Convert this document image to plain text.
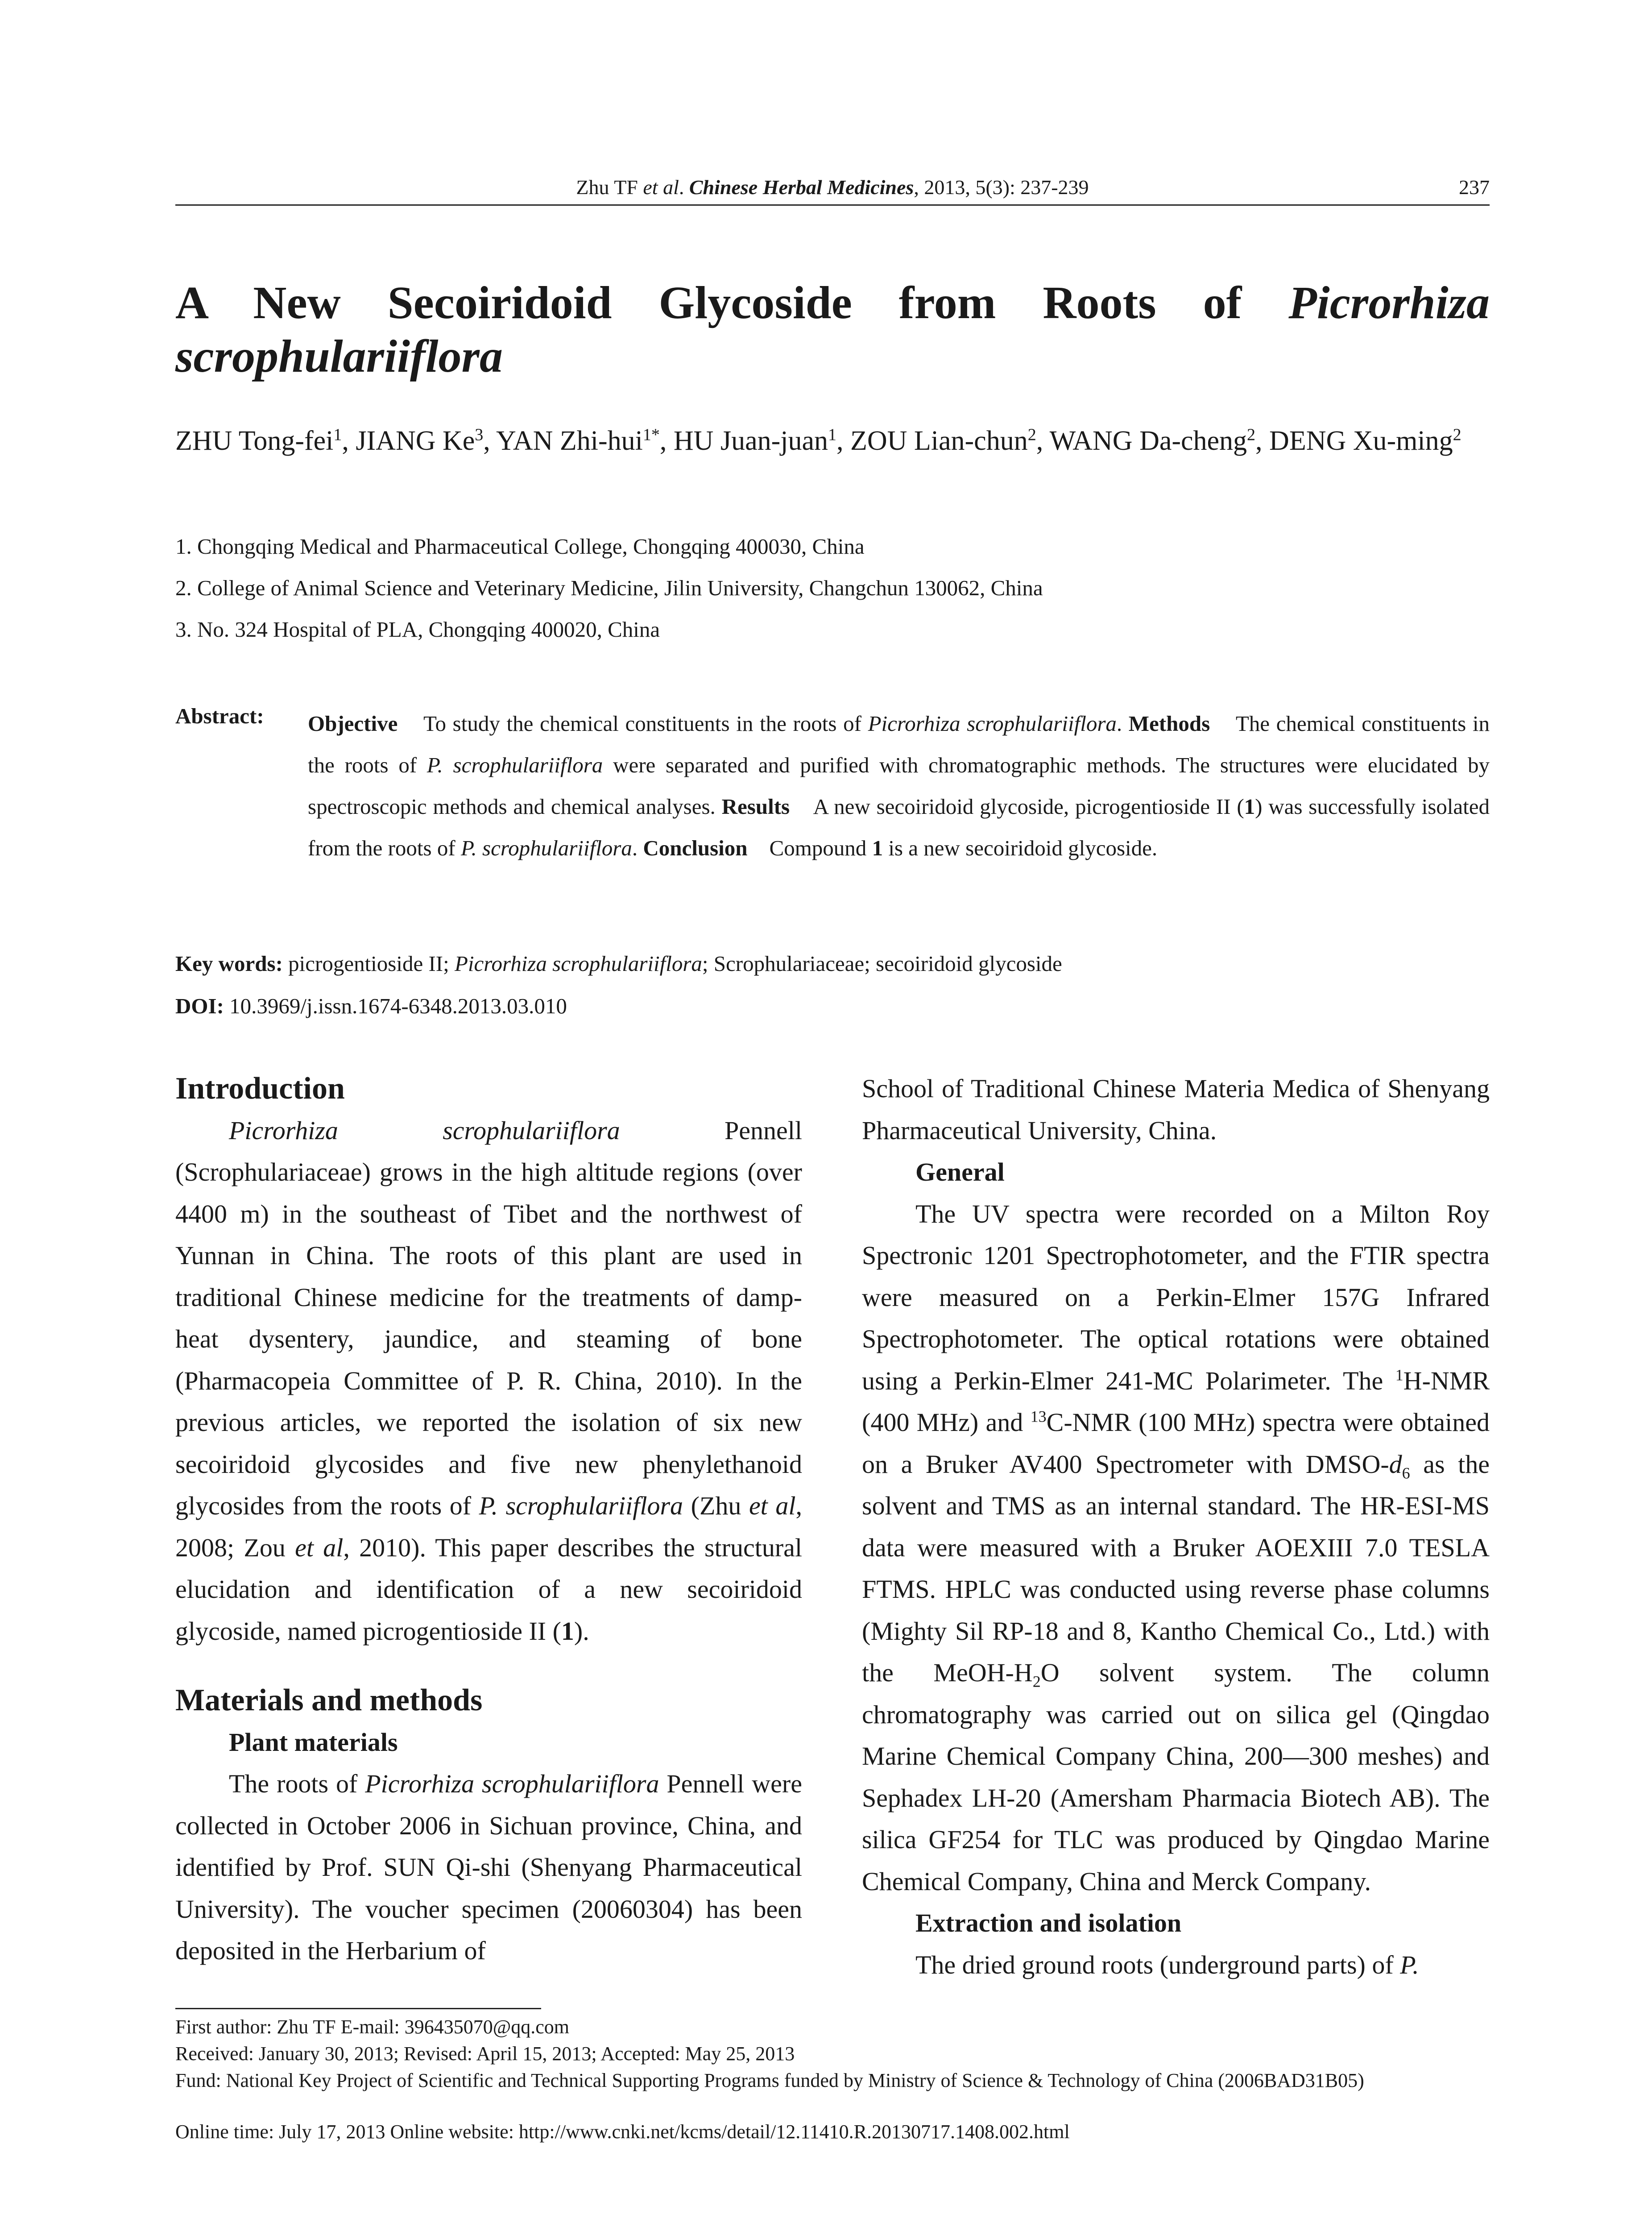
Zhu TF et al. Chinese Herbal Medicines, 2013, 5(3): 237-239	237
A New Secoiridoid Glycoside from Roots of Picrorhiza
scrophulariiflora
ZHU Tong-fei$^1$, JIANG Ke$^3$, YAN Zhi-hui$^{1*}$, HU Juan-juan$^1$, ZOU Lian-chun$^2$, WANG Da-cheng$^2$, DENG Xu-ming$^2$
1. Chongqing Medical and Pharmaceutical College, Chongqing 400030, China
2. College of Animal Science and Veterinary Medicine, Jilin University, Changchun 130062, China
3. No. 324 Hospital of PLA, Chongqing 400020, China
Abstract: Objective To study the chemical constituents in the roots of Picrorhiza scrophulariiflora. Methods The chemical constituents in the roots of P. scrophulariiflora were separated and purified with chromatographic methods. The structures were elucidated by spectroscopic methods and chemical analyses. Results A new secoiridoid glycoside, picrogentioside II (1) was successfully isolated from the roots of P. scrophulariiflora. Conclusion Compound 1 is a new secoiridoid glycoside.
Key words: picrogentioside II; Picrorhiza scrophulariiflora; Scrophulariaceae; secoiridoid glycoside
DOI: 10.3969/j.issn.1674-6348.2013.03.010
Introduction

Picrorhiza scrophulariiflora Pennell (Scrophulariaceae) grows in the high altitude regions (over 4400 m) in the southeast of Tibet and the northwest of Yunnan in China. The roots of this plant are used in traditional Chinese medicine for the treatments of damp-heat dysentery, jaundice, and steaming of bone (Pharmacopeia Committee of P. R. China, 2010). In the previous articles, we reported the isolation of six new secoiridoid glycosides and five new phenylethanoid glycosides from the roots of P. scrophulariiflora (Zhu et al, 2008; Zou et al, 2010). This paper describes the structural elucidation and identification of a new secoiridoid glycoside, named picrogentioside II (1).

Materials and methods
Plant materials

The roots of Picrorhiza scrophulariiflora Pennell were collected in October 2006 in Sichuan province, China, and identified by Prof. SUN Qi-shi (Shenyang Pharmaceutical University). The voucher specimen (20060304) has been deposited in the Herbarium of

School of Traditional Chinese Materia Medica of Shenyang Pharmaceutical University, China.

General

The UV spectra were recorded on a Milton Roy Spectronic 1201 Spectrophotometer, and the FTIR spectra were measured on a Perkin-Elmer 157G Infrared Spectrophotometer. The optical rotations were obtained using a Perkin-Elmer 241-MC Polarimeter. The $^1$H-NMR (400 MHz) and $^{13}$C-NMR (100 MHz) spectra were obtained on a Bruker AV400 Spectrometer with DMSO-$d_6$ as the solvent and TMS as an internal standard. The HR-ESI-MS data were measured with a Bruker AOEXIII 7.0 TESLA FTMS. HPLC was conducted using reverse phase columns (Mighty Sil RP-18 and 8, Kantho Chemical Co., Ltd.) with the MeOH-$H_2O$ solvent system. The column chromatography was carried out on silica gel (Qingdao Marine Chemical Company China, 200—300 meshes) and Sephadex LH-20 (Amersham Pharmacia Biotech AB). The silica GF254 for TLC was produced by Qingdao Marine Chemical Company, China and Merck Company.

Extraction and isolation

The dried ground roots (underground parts) of P.

First author: Zhu TF E-mail: 396435070@qq.com
Received: January 30, 2013; Revised: April 15, 2013; Accepted: May 25, 2013
Fund: National Key Project of Scientific and Technical Supporting Programs funded by Ministry of Science & Technology of China (2006BAD31B05)
Online time: July 17, 2013 Online website: http://www.cnki.net/kcms/detail/12.11410.R.20130717.1408.002.html
